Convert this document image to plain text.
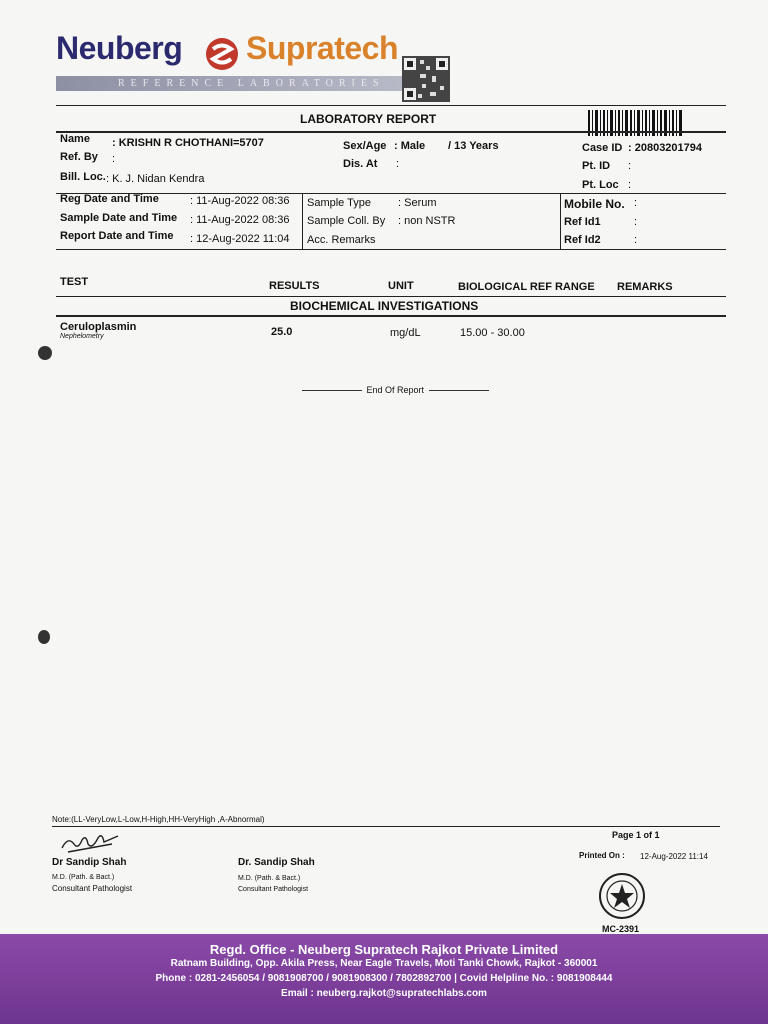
Neuberg Supratech
REFERENCE LABORATORIES
LABORATORY REPORT
Name : KRISHN R CHOTHANI=5707
Ref. By :
Bill. Loc. : K. J. Nidan Kendra
Sex/Age : Male / 13 Years
Dis. At :
Case ID : 20803201794
Pt. ID :
Pt. Loc :
Reg Date and Time	: 11-Aug-2022 08:36
Sample Date and Time : 11-Aug-2022 08:36
Report Date and Time : 12-Aug-2022 11:04
Sample Type : Serum
Sample Coll. By : non NSTR
Acc. Remarks
Mobile No. :
Ref Id1	:
Ref Id2	:
TEST	RESULTS	UNIT	BIOLOGICAL REF RANGE REMARKS
BIOCHEMICAL INVESTIGATIONS
Ceruloplasmin
Nephelometry	25.0	mg/dL	15.00 - 30.00
End Of Report
Note:(LL-VeryLow,L-Low,H-High,HH-VeryHigh ,A-Abnormal)
Page 1 of 1
Printed On : 12-Aug-2022 11:14
Dr Sandip Shah
M.D. (Path. & Bact.)
Consultant Pathologist
Dr. Sandip Shah
M.D. (Path. & Bact.)
Consultant Pathologist
MC-2391
Regd. Office - Neuberg Supratech Rajkot Private Limited
Ratnam Building, Opp. Akila Press, Near Eagle Travels, Moti Tanki Chowk, Rajkot - 360001
Phone : 0281-2456054 / 9081908700 / 9081908300 / 7802892700 | Covid Helpline No. : 9081908444
Email : neuberg.rajkot@supratechlabs.com
